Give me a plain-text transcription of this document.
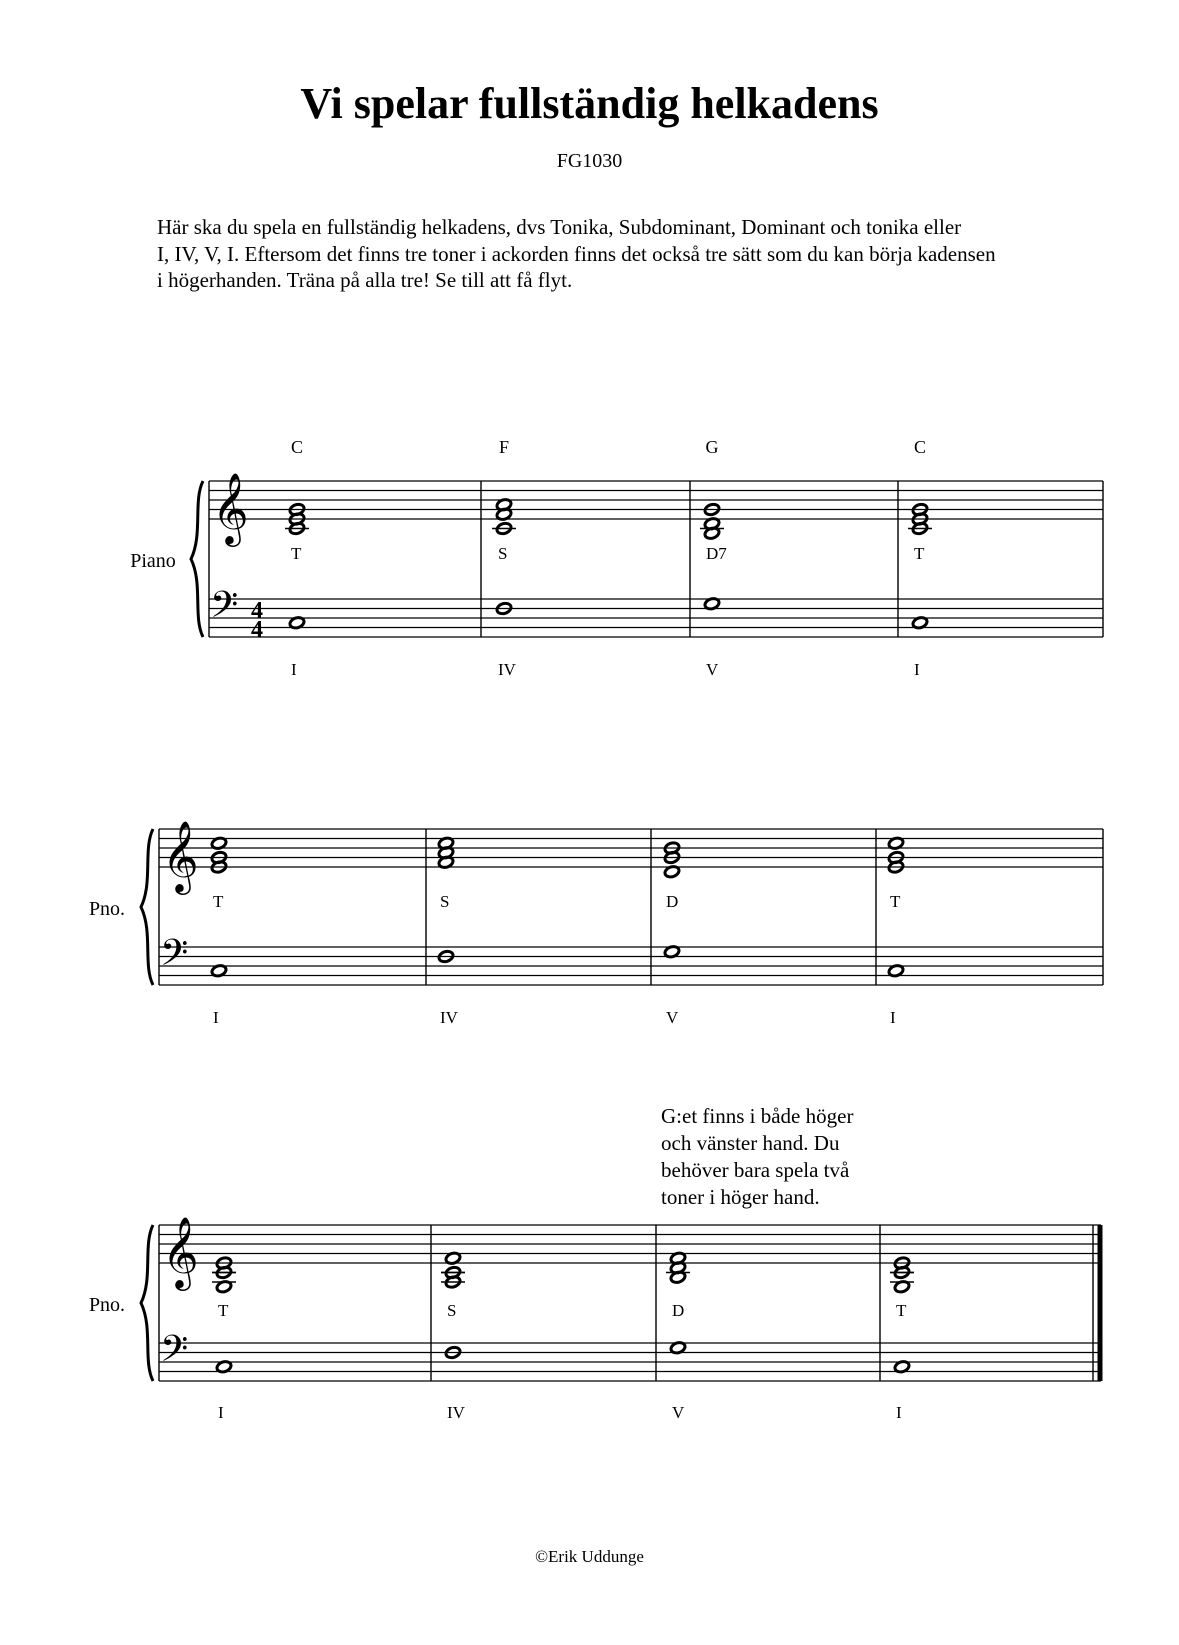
Vi spelar fullständig helkadens
FG1030

Här ska du spela en fullständig helkadens, dvs Tonika, Subdominant, Dominant och tonika eller
I, IV, V, I. Eftersom det finns tre toner i ackorden finns det också tre sätt som du kan börja kadensen
i högerhanden. Träna på alla tre! Se till att få flyt.

𝄞
𝄢 4
4
Piano
C
T
I
F
S
IV
G
D7
V
C
T
I
𝄞
𝄢
Pno.	T
I
S
IV
D
V
T
I
𝄞
𝄢
Pno.	T
I
S
IV
D
V
T
I

G:et finns i både höger
och vänster hand. Du
behöver bara spela två
toner i höger hand.

©Erik Uddunge
